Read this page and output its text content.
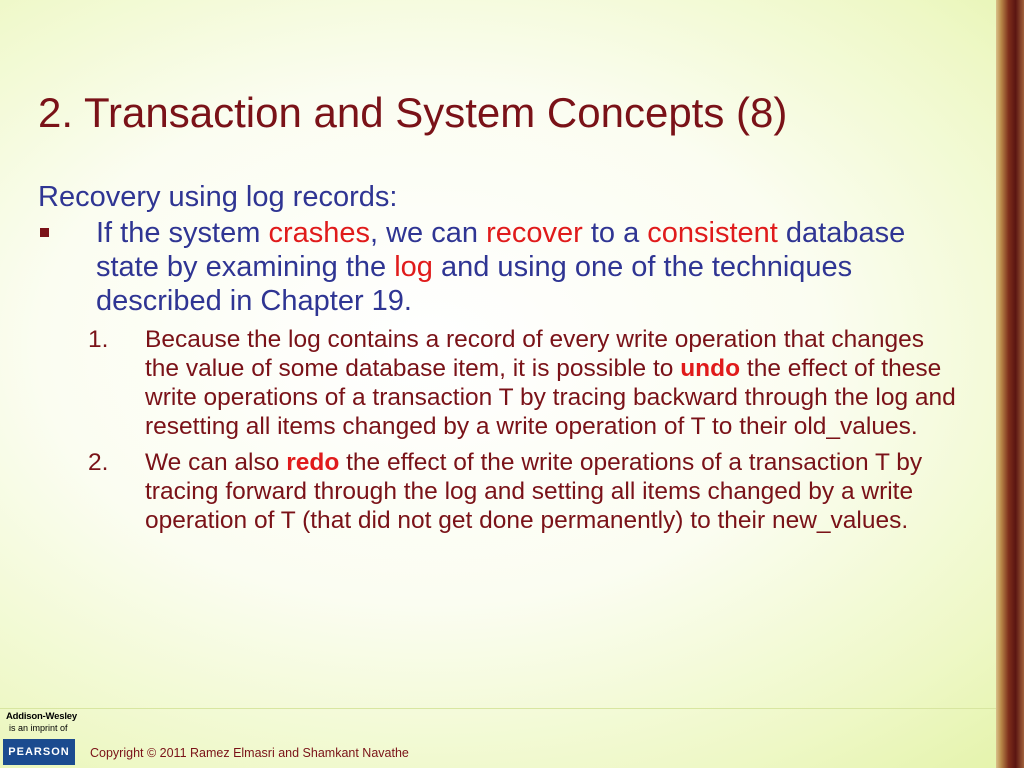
2. Transaction and System Concepts (8)

Recovery using log records:

If the system crashes, we can recover to a consistent database state by examining the log and using one of the techniques described in Chapter 19.
1. Because the log contains a record of every write operation that changes the value of some database item, it is possible to undo the effect of these write operations of a transaction T by tracing backward through the log and resetting all items changed by a write operation of T to their old_values.
2. We can also redo the effect of the write operations of a transaction T by tracing forward through the log and setting all items changed by a write operation of T (that did not get done permanently) to their new_values.
Addison-Wesley
is an imprint of
PEARSON Copyright © 2011 Ramez Elmasri and Shamkant Navathe
